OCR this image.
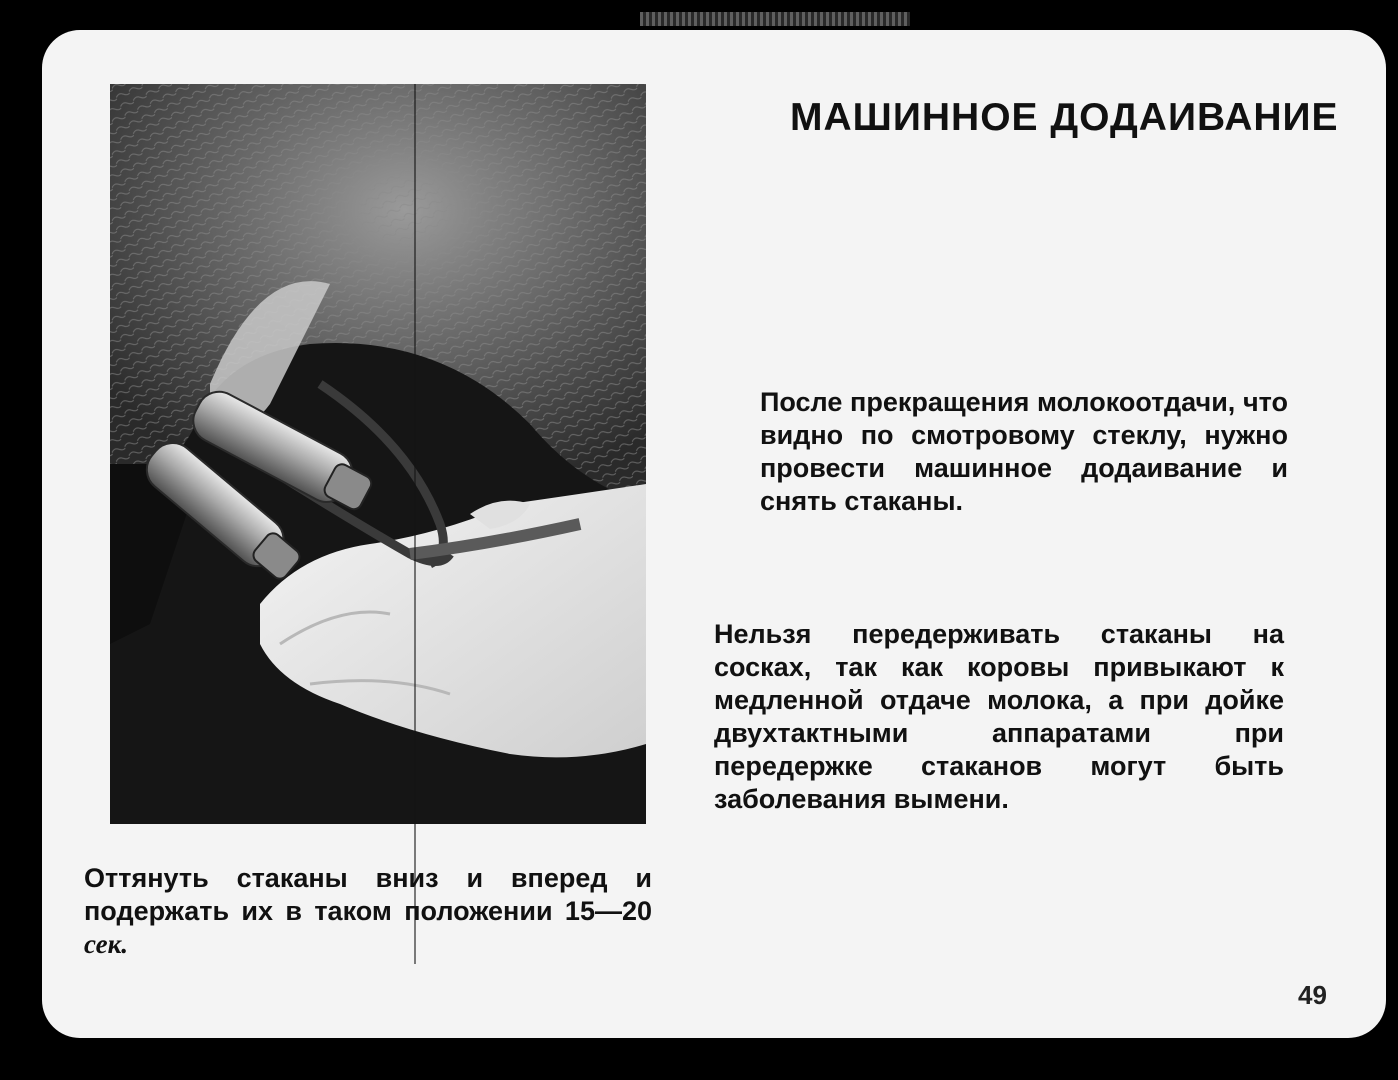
МАШИННОЕ ДОДАИВАНИЕ
После прекращения молокоотдачи, что видно по смотровому стеклу, нужно провести машинное додаивание и снять стаканы.
Нельзя передерживать стаканы на сосках, так как коровы привыкают к медленной отдаче молока, а при дойке двухтактными аппаратами при передержке стаканов могут быть заболевания вымени.
Оттянуть стаканы вниз и вперед и подержать их в таком положении 15—20 сек.
49
